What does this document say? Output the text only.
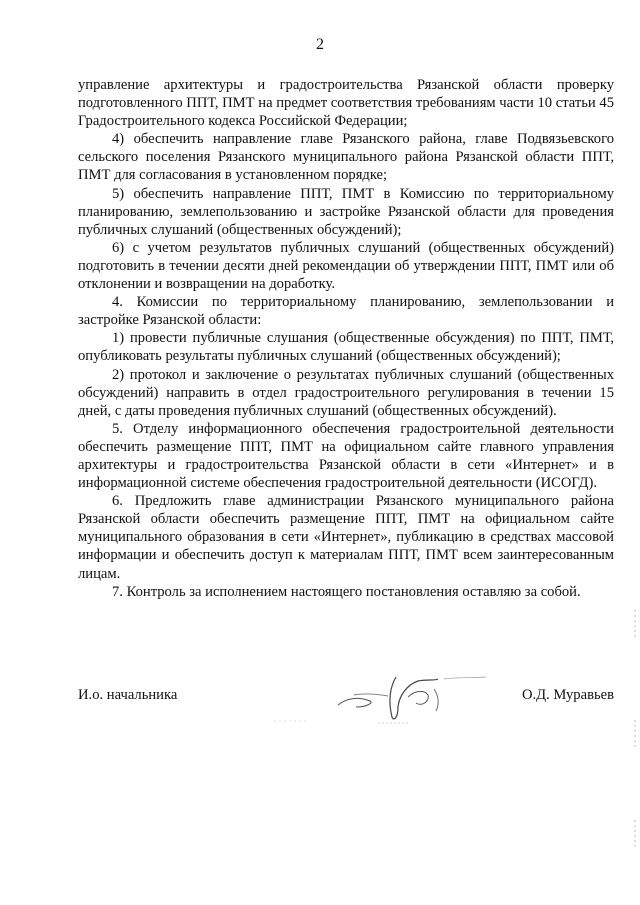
2

управление архитектуры и градостроительства Рязанской области проверку подготовленного ППТ, ПМТ на предмет соответствия требованиям части 10 статьи 45 Градостроительного кодекса Российской Федерации;

4) обеспечить направление главе Рязанского района, главе Подвязьевского сельского поселения Рязанского муниципального района Рязанской области ППТ, ПМТ для согласования в установленном порядке;

5) обеспечить направление ППТ, ПМТ в Комиссию по территориальному планированию, землепользованию и застройке Рязанской области для проведения публичных слушаний (общественных обсуждений);

6) с учетом результатов публичных слушаний (общественных обсуждений) подготовить в течении десяти дней рекомендации об утверждении ППТ, ПМТ или об отклонении и возвращении на доработку.

4. Комиссии по территориальному планированию, землепользовании и застройке Рязанской области:

1) провести публичные слушания (общественные обсуждения) по ППТ, ПМТ, опубликовать результаты публичных слушаний (общественных обсуждений);

2) протокол и заключение о результатах публичных слушаний (общественных обсуждений) направить в отдел градостроительного регулирования в течении 15 дней, с даты проведения публичных слушаний (общественных обсуждений).

5. Отделу информационного обеспечения градостроительной деятельности обеспечить размещение ППТ, ПМТ на официальном сайте главного управления архитектуры и градостроительства Рязанской области в сети «Интернет» и в информационной системе обеспечения градостроительной деятельности (ИСОГД).

6. Предложить главе администрации Рязанского муниципального района Рязанской области обеспечить размещение ППТ, ПМТ на официальном сайте муниципального образования в сети «Интернет», публикацию в средствах массовой информации и обеспечить доступ к материалам ППТ, ПМТ всем заинтересованным лицам.

7. Контроль за исполнением настоящего постановления оставляю за собой.

И.о. начальника	О.Д. Муравьев
